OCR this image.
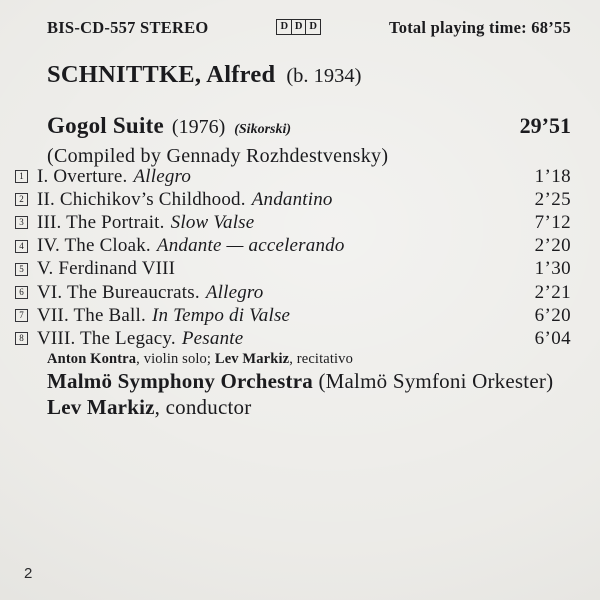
BIS-CD-557 STEREO	D D D	Total playing time: 68’55
SCHNITTKE, Alfred (b. 1934)
Gogol Suite (1976) (Sikorski)	29’51
(Compiled by Gennady Rozhdestvensky)
1 I. Overture. Allegro	1’18
2 II. Chichikov’s Childhood. Andantino	2’25
3 III. The Portrait. Slow Valse	7’12
4 IV. The Cloak. Andante — accelerando	2’20
5 V. Ferdinand VIII	1’30
6 VI. The Bureaucrats. Allegro	2’21
7 VII. The Ball. In Tempo di Valse	6’20
8 VIII. The Legacy. Pesante	6’04
Anton Kontra, violin solo; Lev Markiz, recitativo
Malmö Symphony Orchestra (Malmö Symfoni Orkester)
Lev Markiz, conductor
2
